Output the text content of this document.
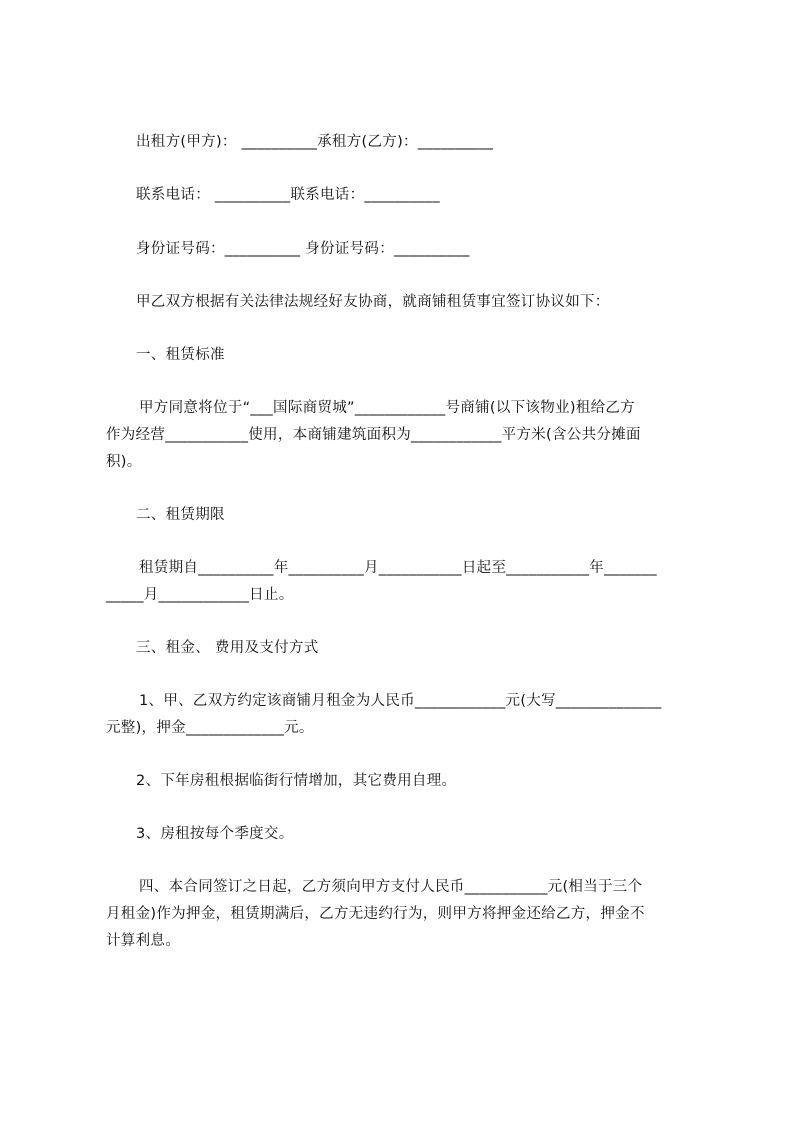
出租方(甲方)： __________承租方(乙方)：__________

联系电话： __________联系电话：__________

身份证号码：__________ 身份证号码：__________

甲乙双方根据有关法律法规经好友协商，就商铺租赁事宜签订协议如下：

一、租赁标准

甲方同意将位于“___国际商贸城”____________号商铺(以下该物业)租给乙方

作为经营___________使用，本商铺建筑面积为____________平方米(含公共分摊面

积)。

二、租赁期限

租赁期自__________年__________月___________日起至___________年_______

_____月____________日止。

三、租金、 费用及支付方式

1、甲、乙双方约定该商铺月租金为人民币____________元(大写______________

元整)，押金_____________元。

2、下年房租根据临街行情增加，其它费用自理。

3、房租按每个季度交。

四、本合同签订之日起，乙方须向甲方支付人民币___________元(相当于三个

月租金)作为押金，租赁期满后，乙方无违约行为，则甲方将押金还给乙方，押金不

计算利息。
